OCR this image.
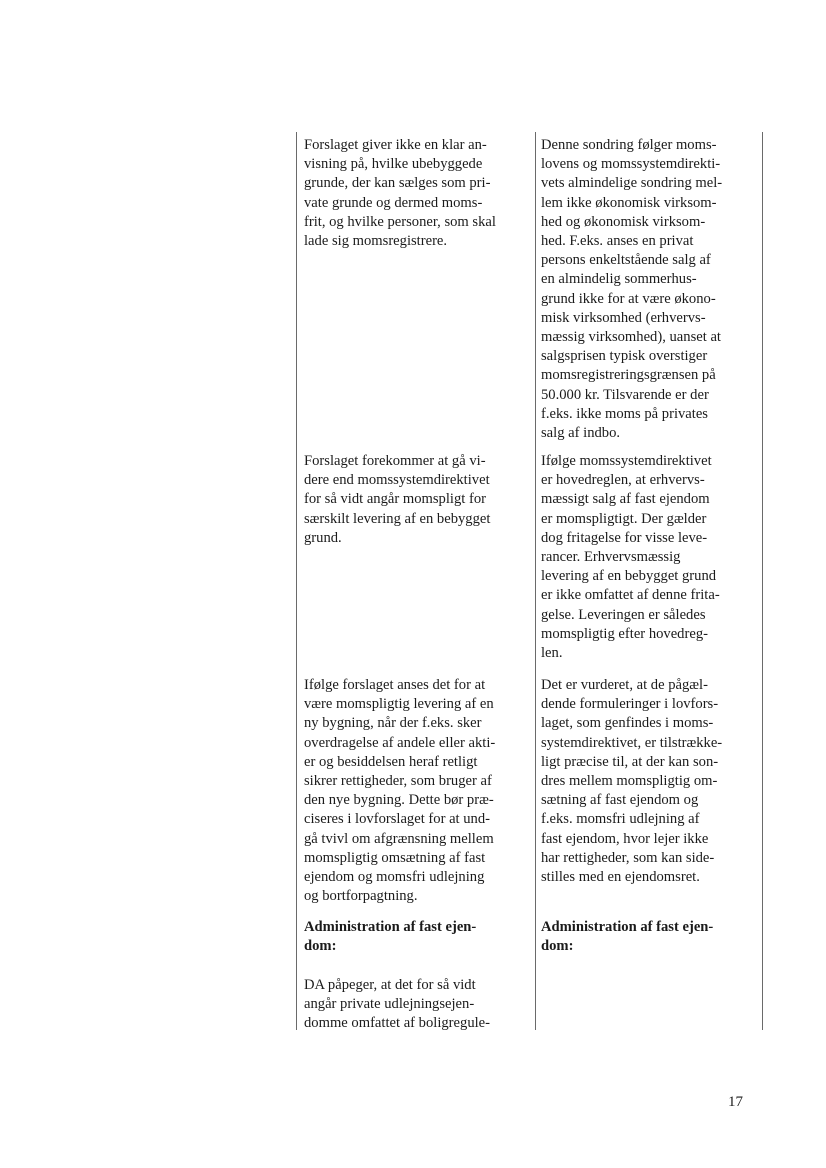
Forslaget giver ikke en klar an-
visning på, hvilke ubebyggede
grunde, der kan sælges som pri-
vate grunde og dermed moms-
frit, og hvilke personer, som skal
lade sig momsregistrere.
Denne sondring følger moms-
lovens og momssystemdirekti-
vets almindelige sondring mel-
lem ikke økonomisk virksom-
hed og økonomisk virksom-
hed. F.eks. anses en privat
persons enkeltstående salg af
en almindelig sommerhus-
grund ikke for at være økono-
misk virksomhed (erhvervs-
mæssig virksomhed), uanset at
salgsprisen typisk overstiger
momsregistreringsgrænsen på
50.000 kr. Tilsvarende er der
f.eks. ikke moms på privates
salg af indbo.
Forslaget forekommer at gå vi-
dere end momssystemdirektivet
for så vidt angår momspligt for
særskilt levering af en bebygget
grund.
Ifølge momssystemdirektivet
er hovedreglen, at erhvervs-
mæssigt salg af fast ejendom
er momspligtigt. Der gælder
dog fritagelse for visse leve-
rancer. Erhvervsmæssig
levering af en bebygget grund
er ikke omfattet af denne frita-
gelse. Leveringen er således
momspligtig efter hovedreg-
len.
Ifølge forslaget anses det for at
være momspligtig levering af en
ny bygning, når der f.eks. sker
overdragelse af andele eller akti-
er og besiddelsen heraf retligt
sikrer rettigheder, som bruger af
den nye bygning. Dette bør præ-
ciseres i lovforslaget for at und-
gå tvivl om afgrænsning mellem
momspligtig omsætning af fast
ejendom og momsfri udlejning
og bortforpagtning.
Det er vurderet, at de pågæl-
dende formuleringer i lovfors-
laget, som genfindes i moms-
systemdirektivet, er tilstrække-
ligt præcise til, at der kan son-
dres mellem momspligtig om-
sætning af fast ejendom og
f.eks. momsfri udlejning af
fast ejendom, hvor lejer ikke
har rettigheder, som kan side-
stilles med en ejendomsret.
Administration af fast ejen-
dom:
Administration af fast ejen-
dom:
DA påpeger, at det for så vidt
angår private udlejningsejen-
domme omfattet af boligregule-
17
